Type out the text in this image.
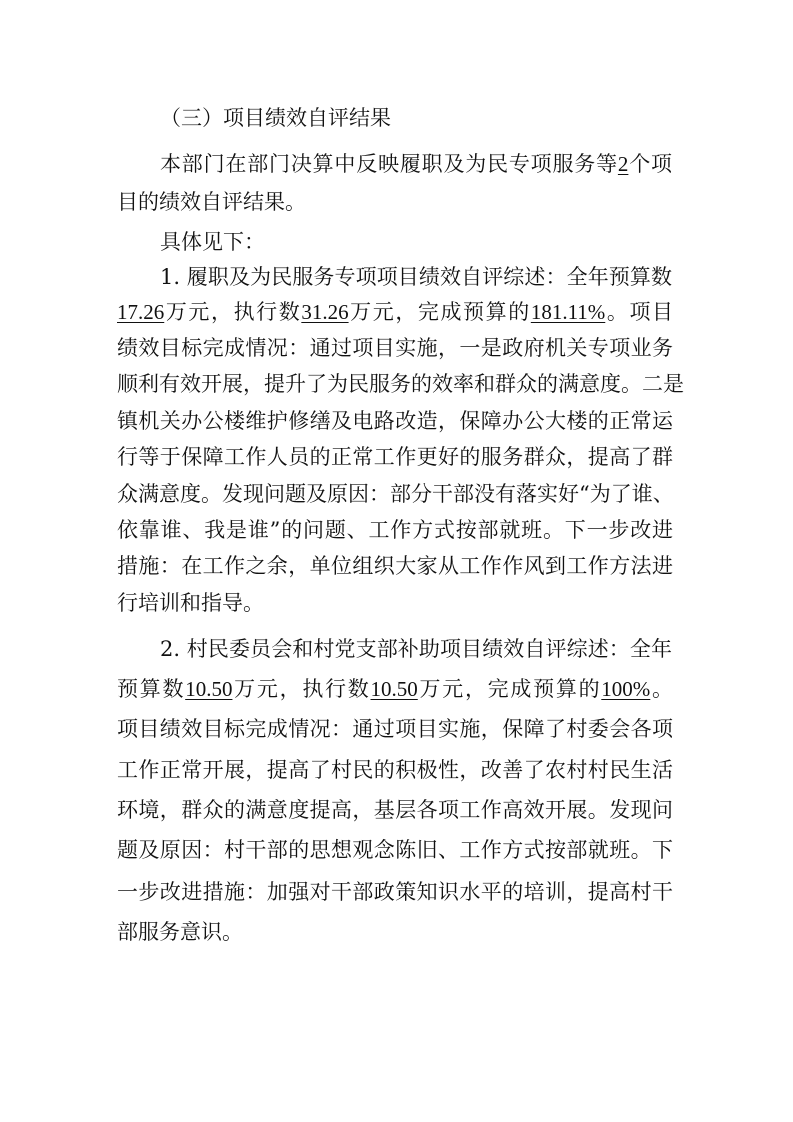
（三）项目绩效自评结果
本部门在部门决算中反映履职及为民专项服务等2个项
目的绩效自评结果。
具体见下：
1. 履职及为民服务专项项目绩效自评综述：全年预算数
17.26万元，执行数31.26万元，完成预算的181.11%。项目
绩效目标完成情况：通过项目实施，一是政府机关专项业务
顺利有效开展，提升了为民服务的效率和群众的满意度。二是
镇机关办公楼维护修缮及电路改造，保障办公大楼的正常运
行等于保障工作人员的正常工作更好的服务群众，提高了群
众满意度。发现问题及原因：部分干部没有落实好“为了谁、
依靠谁、我是谁”的问题、工作方式按部就班。下一步改进
措施：在工作之余，单位组织大家从工作作风到工作方法进
行培训和指导。
2. 村民委员会和村党支部补助项目绩效自评综述：全年
预算数10.50万元，执行数10.50万元，完成预算的100%。
项目绩效目标完成情况：通过项目实施，保障了村委会各项
工作正常开展，提高了村民的积极性，改善了农村村民生活
环境，群众的满意度提高，基层各项工作高效开展。发现问
题及原因：村干部的思想观念陈旧、工作方式按部就班。下
一步改进措施：加强对干部政策知识水平的培训，提高村干
部服务意识。
